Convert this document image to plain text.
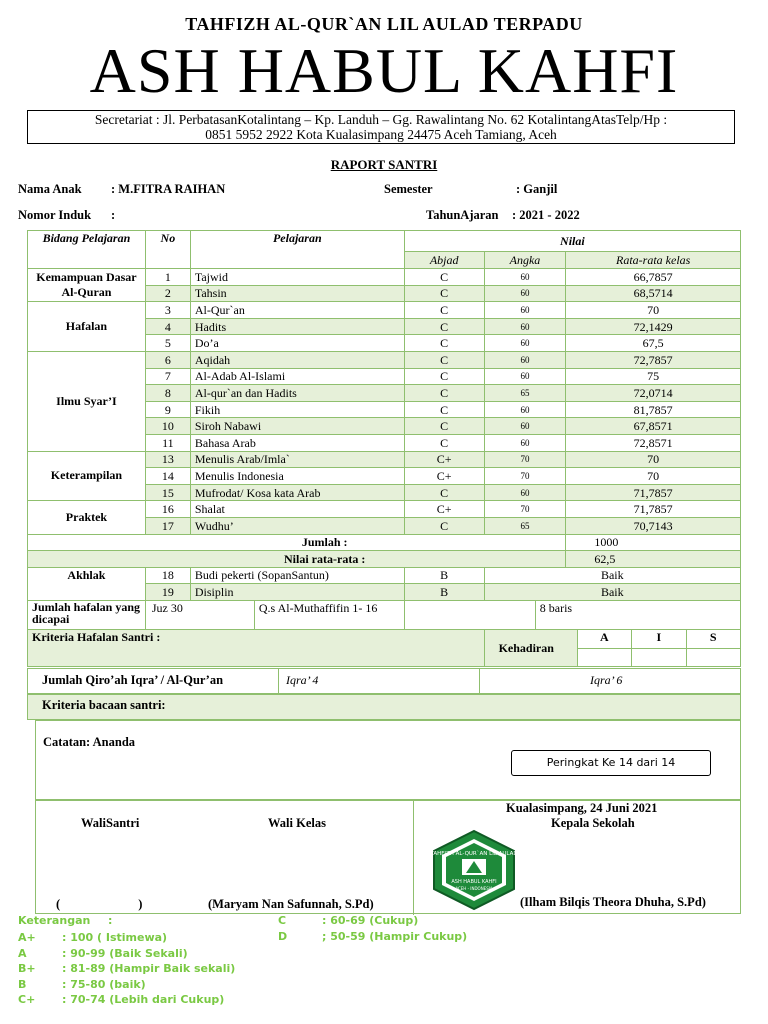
TAHFIZH AL-QUR`AN LIL AULAD TERPADU
ASH HABUL KAHFI
Secretariat : Jl. PerbatasanKotalintang – Kp. Landuh – Gg. Rawalintang No. 62 KotalintangAtasTelp/Hp :
0851 5952 2922 Kota Kualasimpang 24475 Aceh Tamiang, Aceh
RAPORT SANTRI
Nama Anak : M.FITRA RAIHAN	Semester	: Ganjil
Nomor Induk :	TahunAjaran : 2021 - 2022
Bidang Pelajaran	No	Pelajaran	Nilai		
			Abjad	Angka	Rata-rata kelas
Kemampuan Dasar Al-Quran	1	Tajwid	C	60	66,7857
	2	Tahsin	C	60	68,5714
Hafalan	3	Al-Qur`an	C	60	70
	4	Hadits	C	60	72,1429
	5	Do’a	C	60	67,5
Ilmu Syar’I	6	Aqidah	C	60	72,7857
	7	Al-Adab Al-Islami	C	60	75
	8	Al-qur`an dan Hadits	C	65	72,0714
	9	Fikih	C	60	81,7857
	10	Siroh Nabawi	C	60	67,8571
	11	Bahasa Arab	C	60	72,8571
Keterampilan	13	Menulis Arab/Imla`	C+	70	70
	14	Menulis Indonesia	C+	70	70
	15	Mufrodat/ Kosa kata Arab	C	60	71,7857
Praktek	16	Shalat	C+	70	71,7857
	17	Wudhu’	C	65	70,7143
Jumlah :					1000
Nilai rata-rata :					62,5
Akhlak	18	Budi pekerti (SopanSantun)	B	Baik	
	19	Disiplin	B	Baik	
Jumlah hafalan yang dicapai	Juz 30 Q.s Al-Muthaffifin 1- 16		8 baris		

Kriteria Hafalan Santri :				Kehadiran
A I S	
Jumlah Qiro’ah Iqra’ / Al-Qur’an	Iqra’ 4	Iqra’ 6
Kriteria bacaan santri:
Catatan: Ananda
Peringkat Ke 14 dari 14
WaliSantri
(                         )
Wali Kelas
(Maryam Nan Safunnah, S.Pd)
Kualasimpang, 24 Juni 2021
Kepala Sekolah
(Ilham Bilqis Theora Dhuha, S.Pd)
TAHFIZH AL-QUR`AN LIL AULAD
ASH HABUL KAHFI
ACEH - INDONESIA
Keterangan :
A+ : 100 ( Istimewa)
A	: 90-99 (Baik Sekali)
B+ : 81-89 (Hampir Baik sekali)
B	: 75-80 (baik)
C+ : 70-74 (Lebih dari Cukup)
C	: 60-69 (Cukup)
D	; 50-59 (Hampir Cukup)
